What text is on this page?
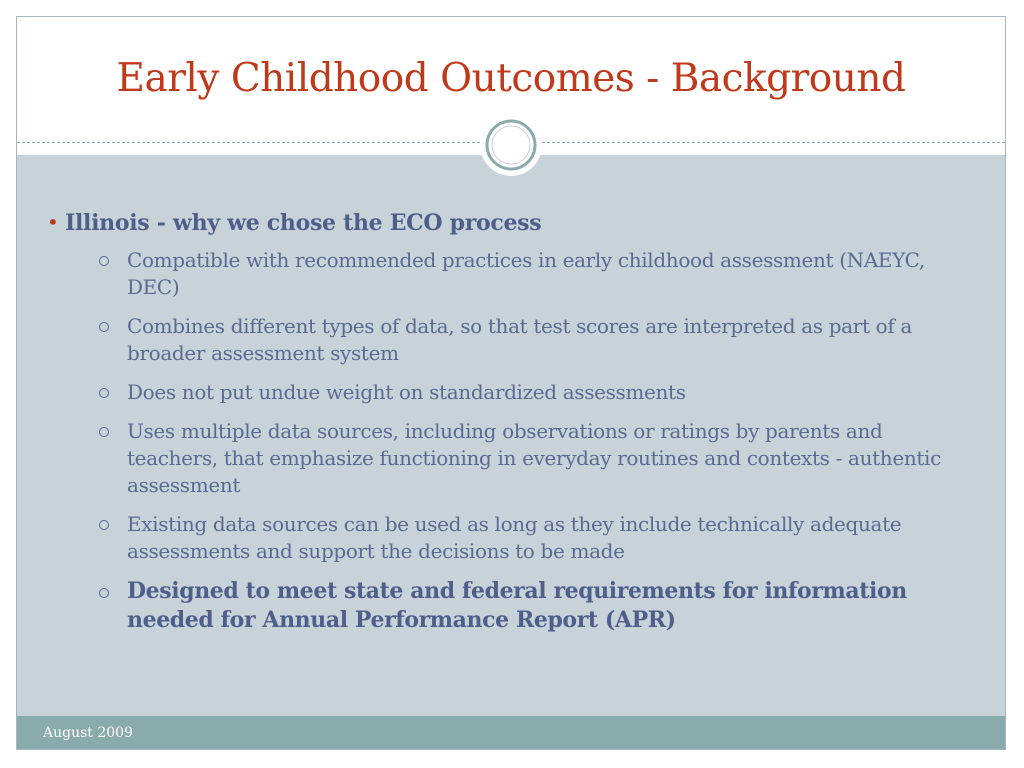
Early Childhood Outcomes - Background
• Illinois - why we chose the ECO process
Compatible with recommended practices in early childhood assessment (NAEYC, DEC)
Combines different types of data, so that test scores are interpreted as part of a broader assessment system
Does not put undue weight on standardized assessments
Uses multiple data sources, including observations or ratings by parents and teachers, that emphasize functioning in everyday routines and contexts - authentic assessment
Existing data sources can be used as long as they include technically adequate assessments and support the decisions to be made
Designed to meet state and federal requirements for information needed for Annual Performance Report (APR)
August 2009
